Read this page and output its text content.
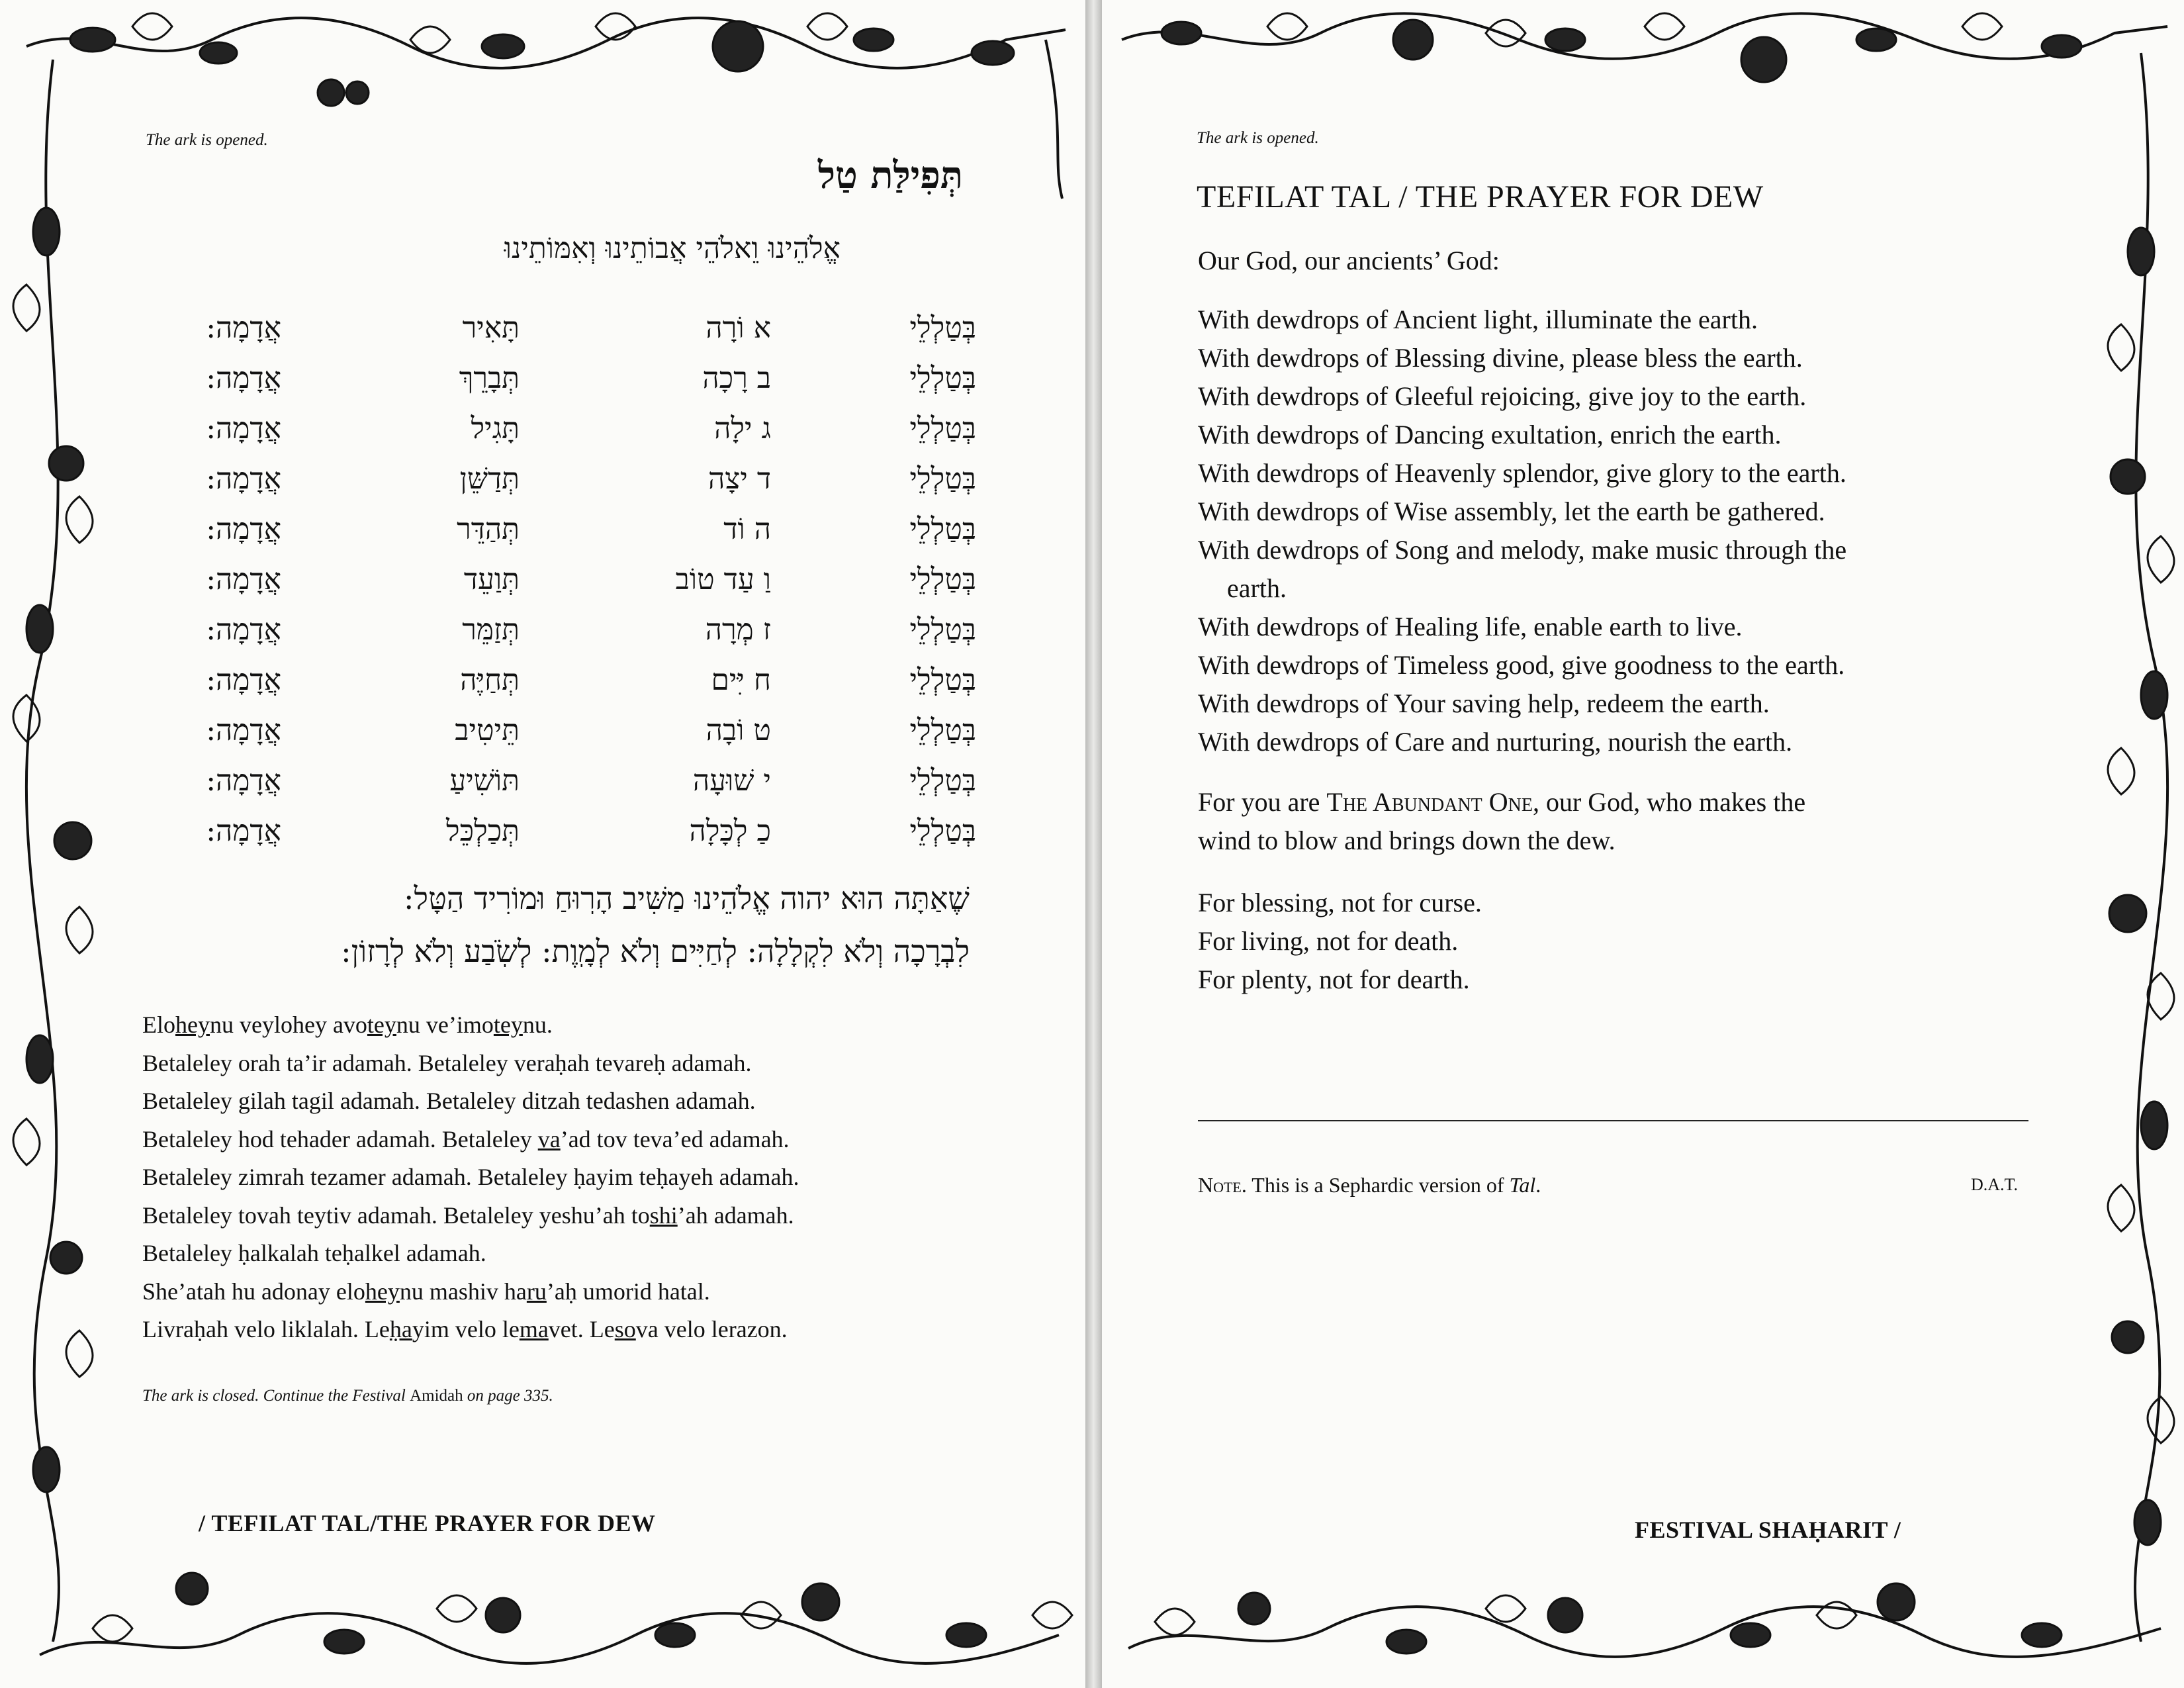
The ark is opened.
תְּפִילַּת טַל
אֱלֹהֵינוּ וֵאלֹהֵי אֲבוֹתֵינוּ וְאִמּוֹתֵינוּ
בְּטַלְלֵי
א וֹרָה
תָּאִיר
אֲדָמָה:
בְּטַלְלֵי
ב רָכָה
תְּבָרֵךְ
אֲדָמָה:
בְּטַלְלֵי
ג ילָה
תָּגִיל
אֲדָמָה:
בְּטַלְלֵי
ד יצָה
תְּדַשֵּׁן
אֲדָמָה:
בְּטַלְלֵי
ה וֹד
תְּהַדֵּר
אֲדָמָה:
בְּטַלְלֵי
וַ עַד טוֹב
תְּוַעֵד
אֲדָמָה:
בְּטַלְלֵי
ז מְרָה
תְּזַמֵּר
אֲדָמָה:
בְּטַלְלֵי
ח יִּים
תְּחַיֶּה
אֲדָמָה:
בְּטַלְלֵי
ט וֹבָה
תֵּיטִיב
אֲדָמָה:
בְּטַלְלֵי
י שׁוּעָה
תּוֹשִׁיעַ
אֲדָמָה:
בְּטַלְלֵי
כַ לְכָּלָה
תְּכַלְכֵּל
אֲדָמָה:
שֶׁאַתָּה הוּא יהוה אֱלֹהֵינוּ מַשִּׁיב הָרֽוּחַ וּמוֹרִיד הַטָּל:
לִבְרָכָה וְלֹא לִקְלָלָה: לְחַיִּים וְלֹא לְמָֽוֶת: לְשֹֽׂבַע וְלֹא לְרָזוֹן:
Eloheynu veylohey avoteynu ve’imoteynu.
Betaleley orah ta’ir adamah. Betaleley veraḥah tevareḥ adamah.
Betaleley gilah tagil adamah. Betaleley ditzah tedashen adamah.
Betaleley hod tehader adamah. Betaleley va’ad tov teva’ed adamah.
Betaleley zimrah tezamer adamah. Betaleley ḥayim teḥayeh adamah.
Betaleley tovah teytiv adamah. Betaleley yeshu’ah toshi’ah adamah.
Betaleley ḥalkalah teḥalkel adamah.
She’atah hu adonay eloheynu mashiv haru’aḥ umorid hatal.
Livraḥah velo liklalah. Leḥayim velo lemavet. Lesova velo lerazon.
The ark is closed. Continue the Festival Amidah on page 335.
/ TEFILAT TAL/THE PRAYER FOR DEW
The ark is opened.
TEFILAT TAL / THE PRAYER FOR DEW
Our God, our ancients’ God:
With dewdrops of Ancient light, illuminate the earth.
With dewdrops of Blessing divine, please bless the earth.
With dewdrops of Gleeful rejoicing, give joy to the earth.
With dewdrops of Dancing exultation, enrich the earth.
With dewdrops of Heavenly splendor, give glory to the earth.
With dewdrops of Wise assembly, let the earth be gathered.
With dewdrops of Song and melody, make music through the
earth.
With dewdrops of Healing life, enable earth to live.
With dewdrops of Timeless good, give goodness to the earth.
With dewdrops of Your saving help, redeem the earth.
With dewdrops of Care and nurturing, nourish the earth.
For you are The Abundant One, our God, who makes the
wind to blow and brings down the dew.
For blessing, not for curse.
For living, not for death.
For plenty, not for dearth.
Note. This is a Sephardic version of Tal.	D.A.T.
FESTIVAL SHAḤARIT /
